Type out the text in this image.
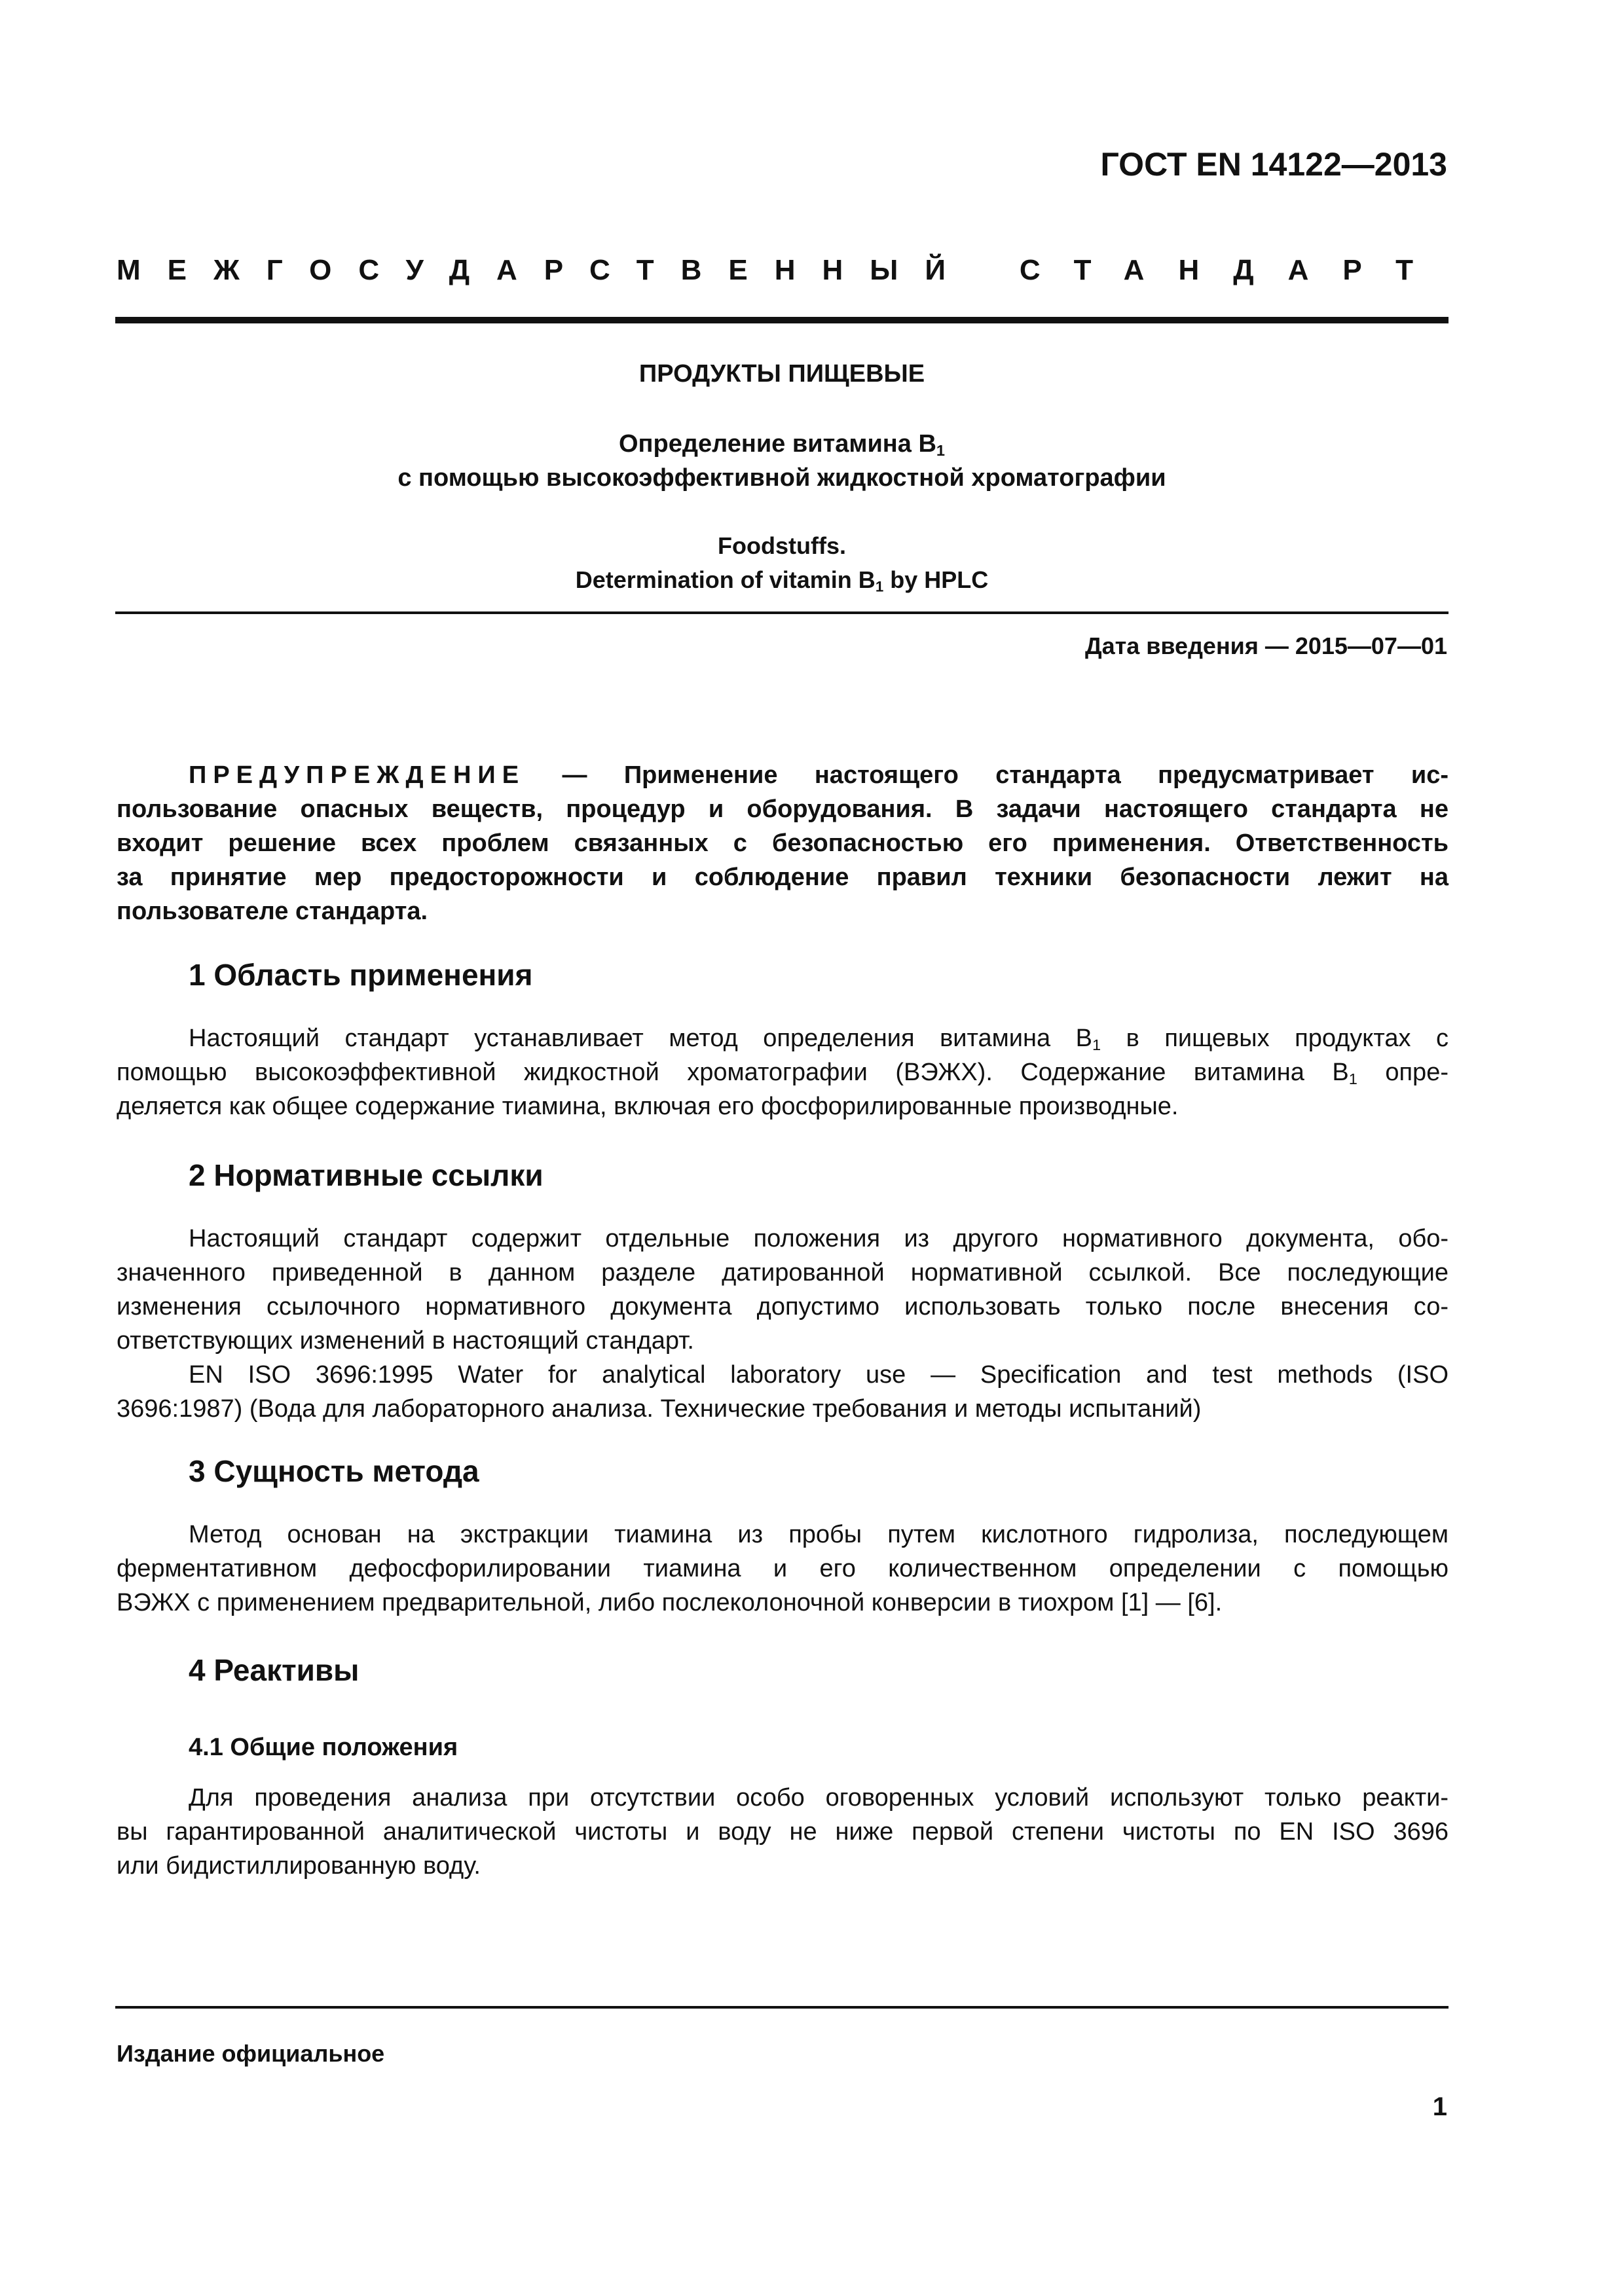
ГОСТ EN 14122—2013
МЕЖГОСУДАРСТВЕННЫЙ СТАНДАРТ
ПРОДУКТЫ ПИЩЕВЫЕ
Определение витамина $B_1$
с помощью высокоэффективной жидкостной хроматографии
Foodstuffs.
Determination of vitamin $B_1$ by HPLC
Дата введения — 2015—07—01
ПРЕДУПРЕЖДЕНИЕ — Применение настоящего стандарта предусматривает ис-
пользование опасных веществ, процедур и оборудования. В задачи настоящего стандарта не
входит решение всех проблем связанных с безопасностью его применения. Ответственность
за принятие мер предосторожности и соблюдение правил техники безопасности лежит на
пользователе стандарта.
1 Область применения
Настоящий стандарт устанавливает метод определения витамина $B_1$ в пищевых продуктах с
помощью высокоэффективной жидкостной хроматографии (ВЭЖХ). Содержание витамина $B_1$ опре-
деляется как общее содержание тиамина, включая его фосфорилированные производные.
2 Нормативные ссылки
Настоящий стандарт содержит отдельные положения из другого нормативного документа, обо-
значенного приведенной в данном разделе датированной нормативной ссылкой. Все последующие
изменения ссылочного нормативного документа допустимо использовать только после внесения со-
ответствующих изменений в настоящий стандарт.
EN ISO 3696:1995 Water for analytical laboratory use — Specification and test methods (ISO
3696:1987) (Вода для лабораторного анализа. Технические требования и методы испытаний)
3 Сущность метода
Метод основан на экстракции тиамина из пробы путем кислотного гидролиза, последующем
ферментативном дефосфорилировании тиамина и его количественном определении с помощью
ВЭЖХ с применением предварительной, либо послеколоночной конверсии в тиохром [1] — [6].
4 Реактивы
4.1 Общие положения
Для проведения анализа при отсутствии особо оговоренных условий используют только реакти-
вы гарантированной аналитической чистоты и воду не ниже первой степени чистоты по EN ISO 3696
или бидистиллированную воду.
Издание официальное
1
